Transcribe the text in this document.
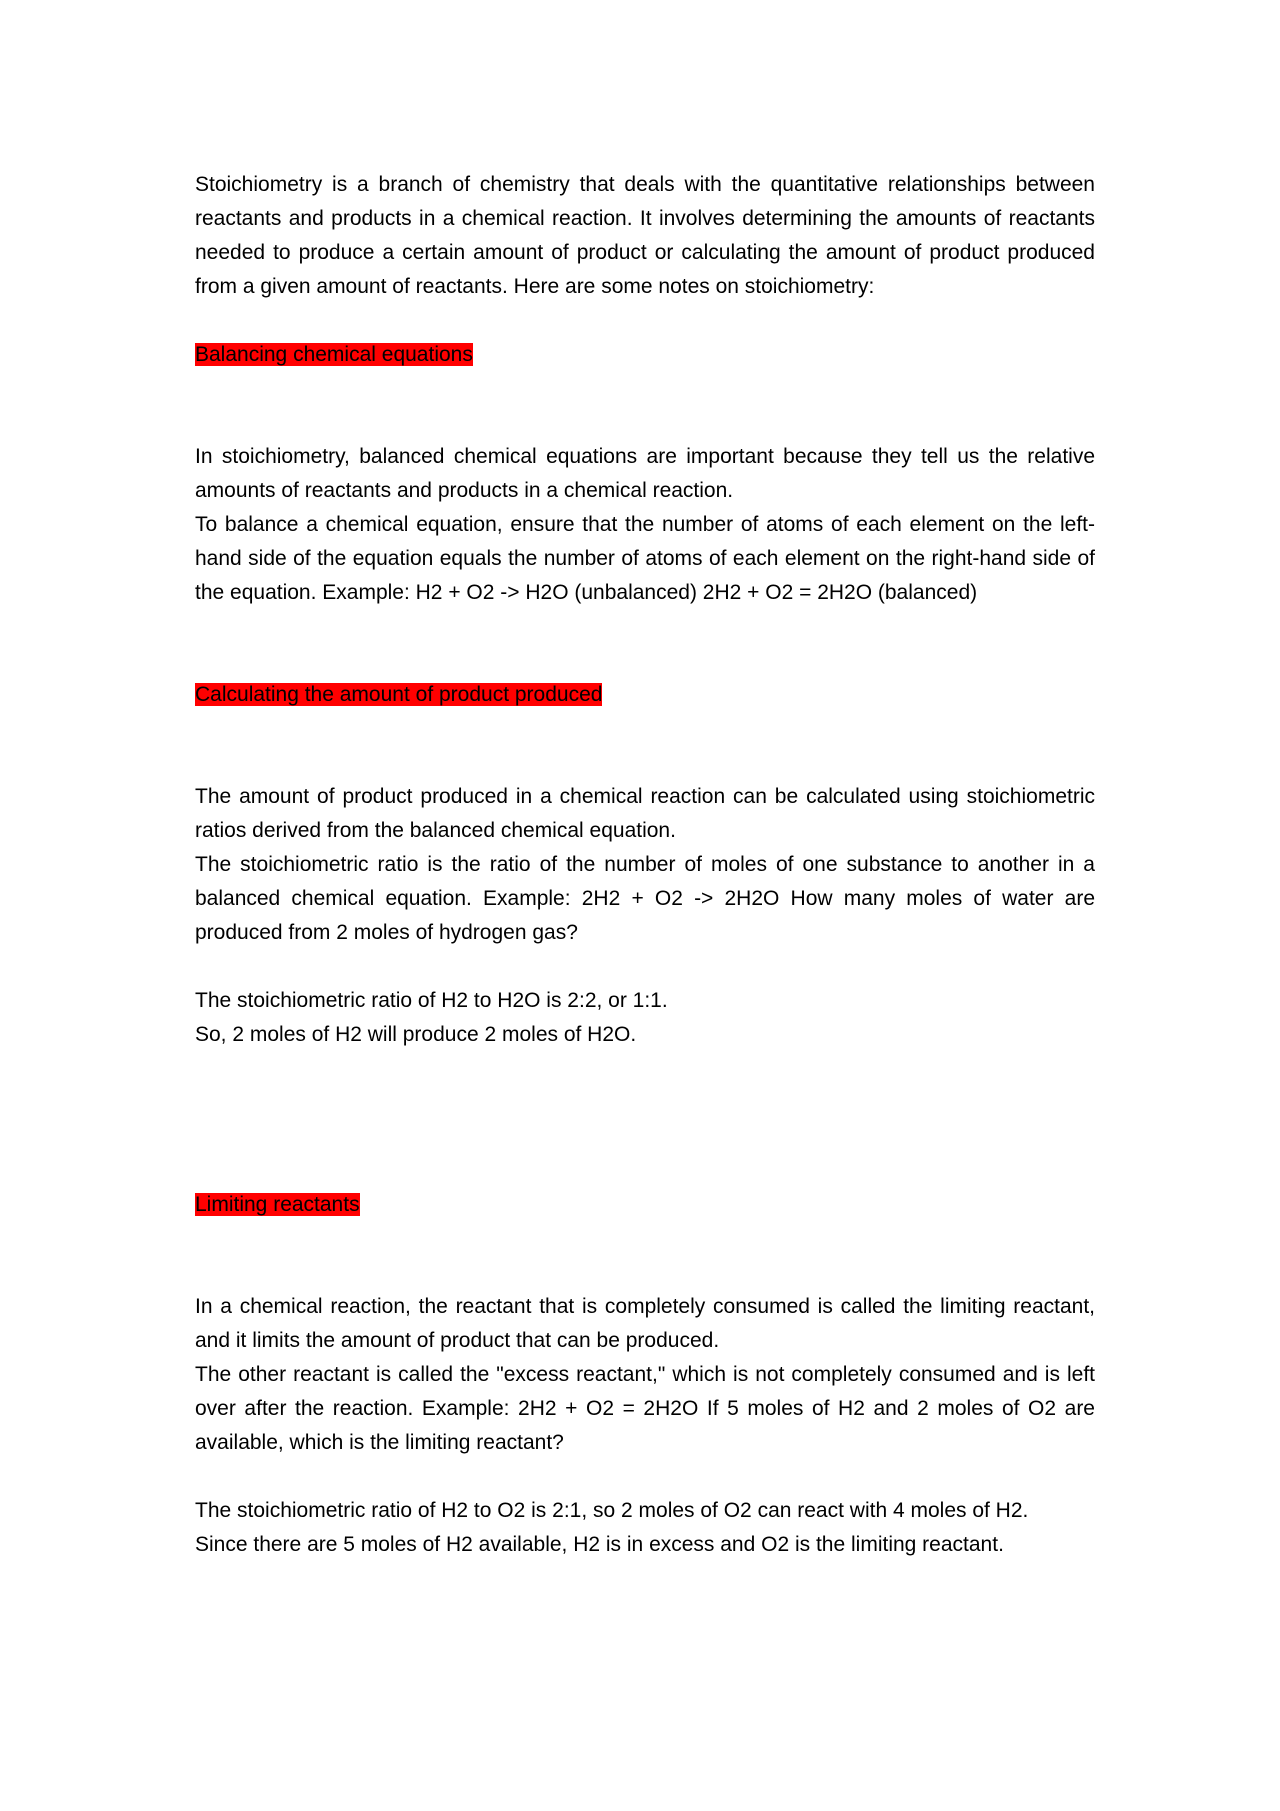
Stoichiometry is a branch of chemistry that deals with the quantitative relationships between reactants and products in a chemical reaction. It involves determining the amounts of reactants needed to produce a certain amount of product or calculating the amount of product produced from a given amount of reactants. Here are some notes on stoichiometry:

Balancing chemical equations

In stoichiometry, balanced chemical equations are important because they tell us the relative amounts of reactants and products in a chemical reaction.

To balance a chemical equation, ensure that the number of atoms of each element on the left-hand side of the equation equals the number of atoms of each element on the right-hand side of the equation. Example: H2 + O2 -> H2O (unbalanced) 2H2 + O2 = 2H2O (balanced)

Calculating the amount of product produced

The amount of product produced in a chemical reaction can be calculated using stoichiometric ratios derived from the balanced chemical equation.

The stoichiometric ratio is the ratio of the number of moles of one substance to another in a balanced chemical equation. Example: 2H2 + O2 -> 2H2O How many moles of water are produced from 2 moles of hydrogen gas?

The stoichiometric ratio of H2 to H2O is 2:2, or 1:1.

So, 2 moles of H2 will produce 2 moles of H2O.

Limiting reactants

In a chemical reaction, the reactant that is completely consumed is called the limiting reactant, and it limits the amount of product that can be produced.

The other reactant is called the "excess reactant," which is not completely consumed and is left over after the reaction. Example: 2H2 + O2 = 2H2O If 5 moles of H2 and 2 moles of O2 are available, which is the limiting reactant?

The stoichiometric ratio of H2 to O2 is 2:1, so 2 moles of O2 can react with 4 moles of H2.

Since there are 5 moles of H2 available, H2 is in excess and O2 is the limiting reactant.
